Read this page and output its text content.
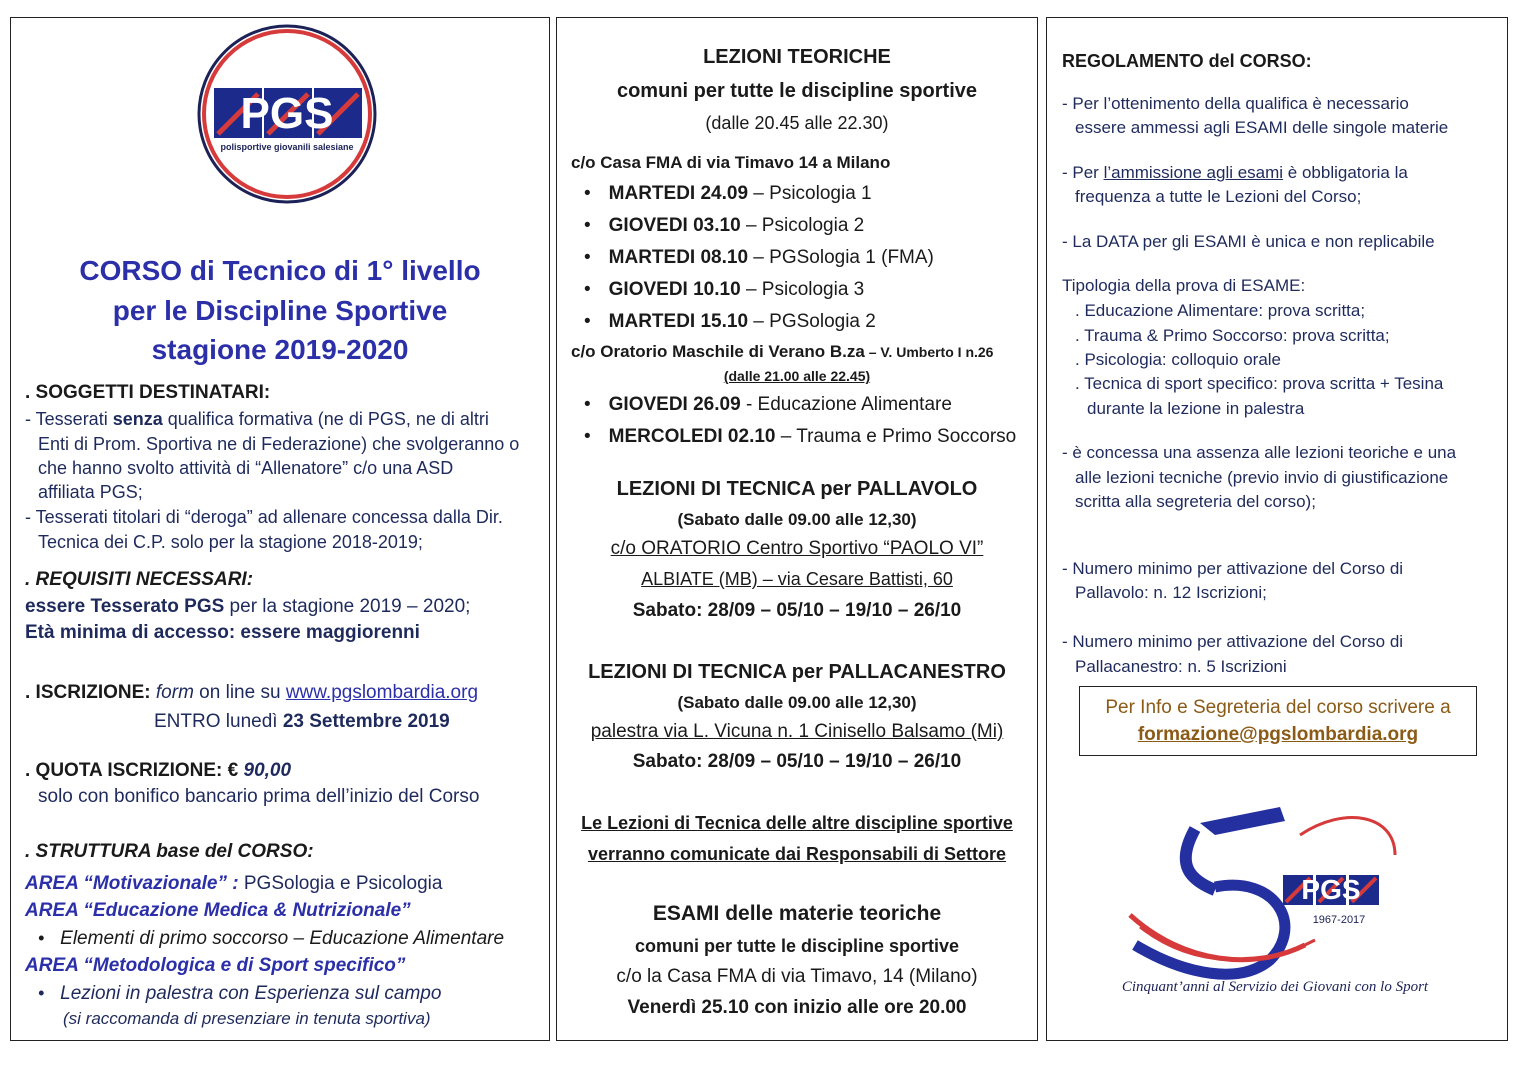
PGS
polisportive giovanili salesiane
CORSO di Tecnico di 1° livello
per le Discipline Sportive
stagione 2019-2020
. SOGGETTI DESTINATARI:
- Tesserati senza qualifica formativa (ne di PGS, ne di altri
Enti di Prom. Sportiva ne di Federazione) che svolgeranno o
che hanno svolto attività di “Allenatore” c/o una ASD
affiliata PGS;
- Tesserati titolari di “deroga” ad allenare concessa dalla Dir.
Tecnica dei C.P. solo per la stagione 2018-2019;
. REQUISITI NECESSARI:
essere Tesserato PGS per la stagione 2019 – 2020;
Età minima di accesso: essere maggiorenni
. ISCRIZIONE: form on line su www.pgslombardia.org
ENTRO lunedì 23 Settembre 2019
. QUOTA ISCRIZIONE: € 90,00
solo con bonifico bancario prima dell’inizio del Corso
. STRUTTURA base del CORSO:
AREA “Motivazionale” : PGSologia e Psicologia
AREA “Educazione Medica & Nutrizionale”
• Elementi di primo soccorso – Educazione Alimentare
AREA “Metodologica e di Sport specifico”
• Lezioni in palestra con Esperienza sul campo
(si raccomanda di presenziare in tenuta sportiva)
LEZIONI TEORICHE
comuni per tutte le discipline sportive
(dalle 20.45 alle 22.30)
c/o Casa FMA di via Timavo 14 a Milano
• MARTEDI 24.09 – Psicologia 1
• GIOVEDI 03.10 – Psicologia 2
• MARTEDI 08.10 – PGSologia 1 (FMA)
• GIOVEDI 10.10 – Psicologia 3
• MARTEDI 15.10 – PGSologia 2
c/o Oratorio Maschile di Verano B.za – V. Umberto I n.26
(dalle 21.00 alle 22.45)
• GIOVEDI 26.09 - Educazione Alimentare
• MERCOLEDI 02.10 – Trauma e Primo Soccorso
LEZIONI DI TECNICA per PALLAVOLO
(Sabato dalle 09.00 alle 12,30)
c/o ORATORIO Centro Sportivo “PAOLO VI”
ALBIATE (MB) – via Cesare Battisti, 60
Sabato: 28/09 – 05/10 – 19/10 – 26/10
LEZIONI DI TECNICA per PALLACANESTRO
(Sabato dalle 09.00 alle 12,30)
palestra via L. Vicuna n. 1 Cinisello Balsamo (Mi)
Sabato: 28/09 – 05/10 – 19/10 – 26/10
Le Lezioni di Tecnica delle altre discipline sportive
verranno comunicate dai Responsabili di Settore
ESAMI delle materie teoriche
comuni per tutte le discipline sportive
c/o la Casa FMA di via Timavo, 14 (Milano)
Venerdì 25.10 con inizio alle ore 20.00
REGOLAMENTO del CORSO:
- Per l’ottenimento della qualifica è necessario
essere ammessi agli ESAMI delle singole materie
- Per l’ammissione agli esami è obbligatoria la
frequenza a tutte le Lezioni del Corso;
- La DATA per gli ESAMI è unica e non replicabile
Tipologia della prova di ESAME:
. Educazione Alimentare: prova scritta;
. Trauma & Primo Soccorso: prova scritta;
. Psicologia: colloquio orale
. Tecnica di sport specifico: prova scritta + Tesina
durante la lezione in palestra
- è concessa una assenza alle lezioni teoriche e una
alle lezioni tecniche (previo invio di giustificazione
scritta alla segreteria del corso);
- Numero minimo per attivazione del Corso di
Pallavolo: n. 12 Iscrizioni;
- Numero minimo per attivazione del Corso di
Pallacanestro: n. 5 Iscrizioni
Per Info e Segreteria del corso scrivere a
formazione@pgslombardia.org
PGS
1967-2017
Cinquant’anni al Servizio dei Giovani con lo Sport
